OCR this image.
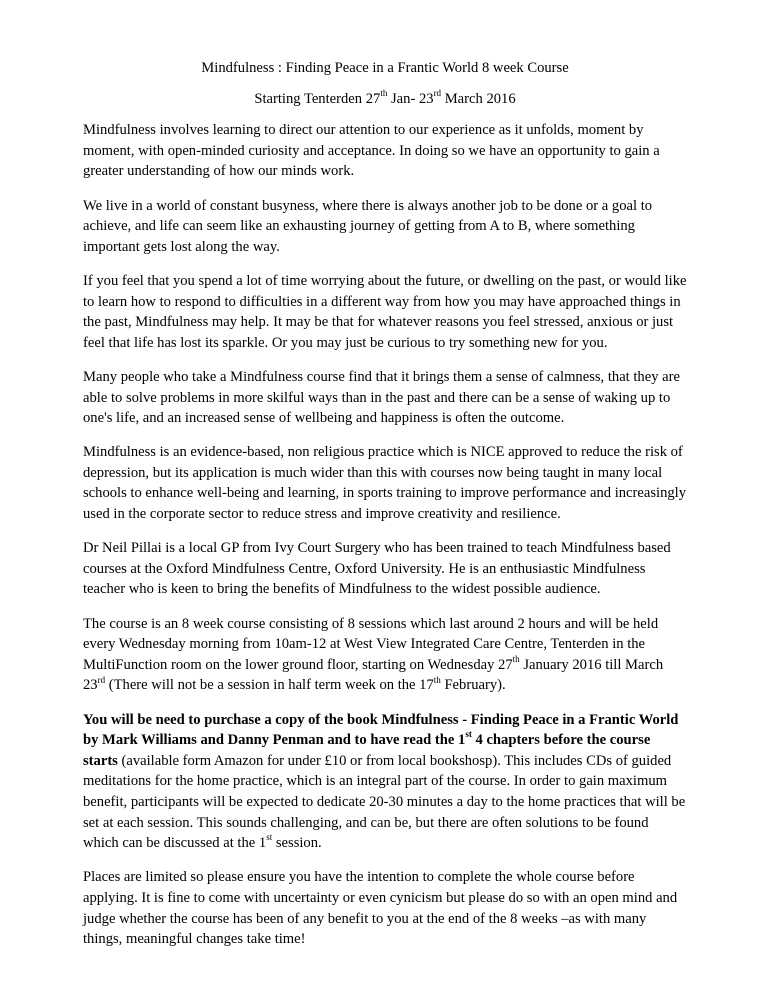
Mindfulness : Finding Peace in a Frantic World 8 week Course

Starting Tenterden 27th Jan- 23rd March 2016

Mindfulness involves learning to direct our attention to our experience as it unfolds, moment by moment, with open-minded curiosity and acceptance. In doing so we have an opportunity to gain a greater understanding of how our minds work.

We live in a world of constant busyness, where there is always another job to be done or a goal to achieve, and life can seem like an exhausting journey of getting from A to B, where something important gets lost along the way.

If you feel that you spend a lot of time worrying about the future, or dwelling on the past, or would like to learn how to respond to difficulties in a different way from how you may have approached things in the past, Mindfulness may help. It may be that for whatever reasons you feel stressed, anxious or just feel that life has lost its sparkle. Or you may just be curious to try something new for you.

Many people who take a Mindfulness course find that it brings them a sense of calmness, that they are able to solve problems in more skilful ways than in the past and there can be a sense of waking up to one's life, and an increased sense of wellbeing and happiness is often the outcome.

Mindfulness is an evidence-based, non religious practice which is NICE approved to reduce the risk of depression, but its application is much wider than this with courses now being taught in many local schools to enhance well-being and learning, in sports training to improve performance and increasingly used in the corporate sector to reduce stress and improve creativity and resilience.

Dr Neil Pillai is a local GP from Ivy Court Surgery who has been trained to teach Mindfulness based courses at the Oxford Mindfulness Centre, Oxford University. He is an enthusiastic Mindfulness teacher who is keen to bring the benefits of Mindfulness to the widest possible audience.

The course is an 8 week course consisting of 8 sessions which last around 2 hours and will be held every Wednesday morning from 10am-12 at West View Integrated Care Centre, Tenterden in the MultiFunction room on the lower ground floor, starting on Wednesday 27th January 2016 till March 23rd (There will not be a session in half term week on the 17th February).

You will be need to purchase a copy of the book Mindfulness - Finding Peace in a Frantic World by Mark Williams and Danny Penman and to have read the 1st 4 chapters before the course starts (available form Amazon for under £10 or from local bookshosp). This includes CDs of guided meditations for the home practice, which is an integral part of the course. In order to gain maximum benefit, participants will be expected to dedicate 20-30 minutes a day to the home practices that will be set at each session. This sounds challenging, and can be, but there are often solutions to be found which can be discussed at the 1st session.

Places are limited so please ensure you have the intention to complete the whole course before applying. It is fine to come with uncertainty or even cynicism but please do so with an open mind and judge whether the course has been of any benefit to you at the end of the 8 weeks –as with many things, meaningful changes take time!
